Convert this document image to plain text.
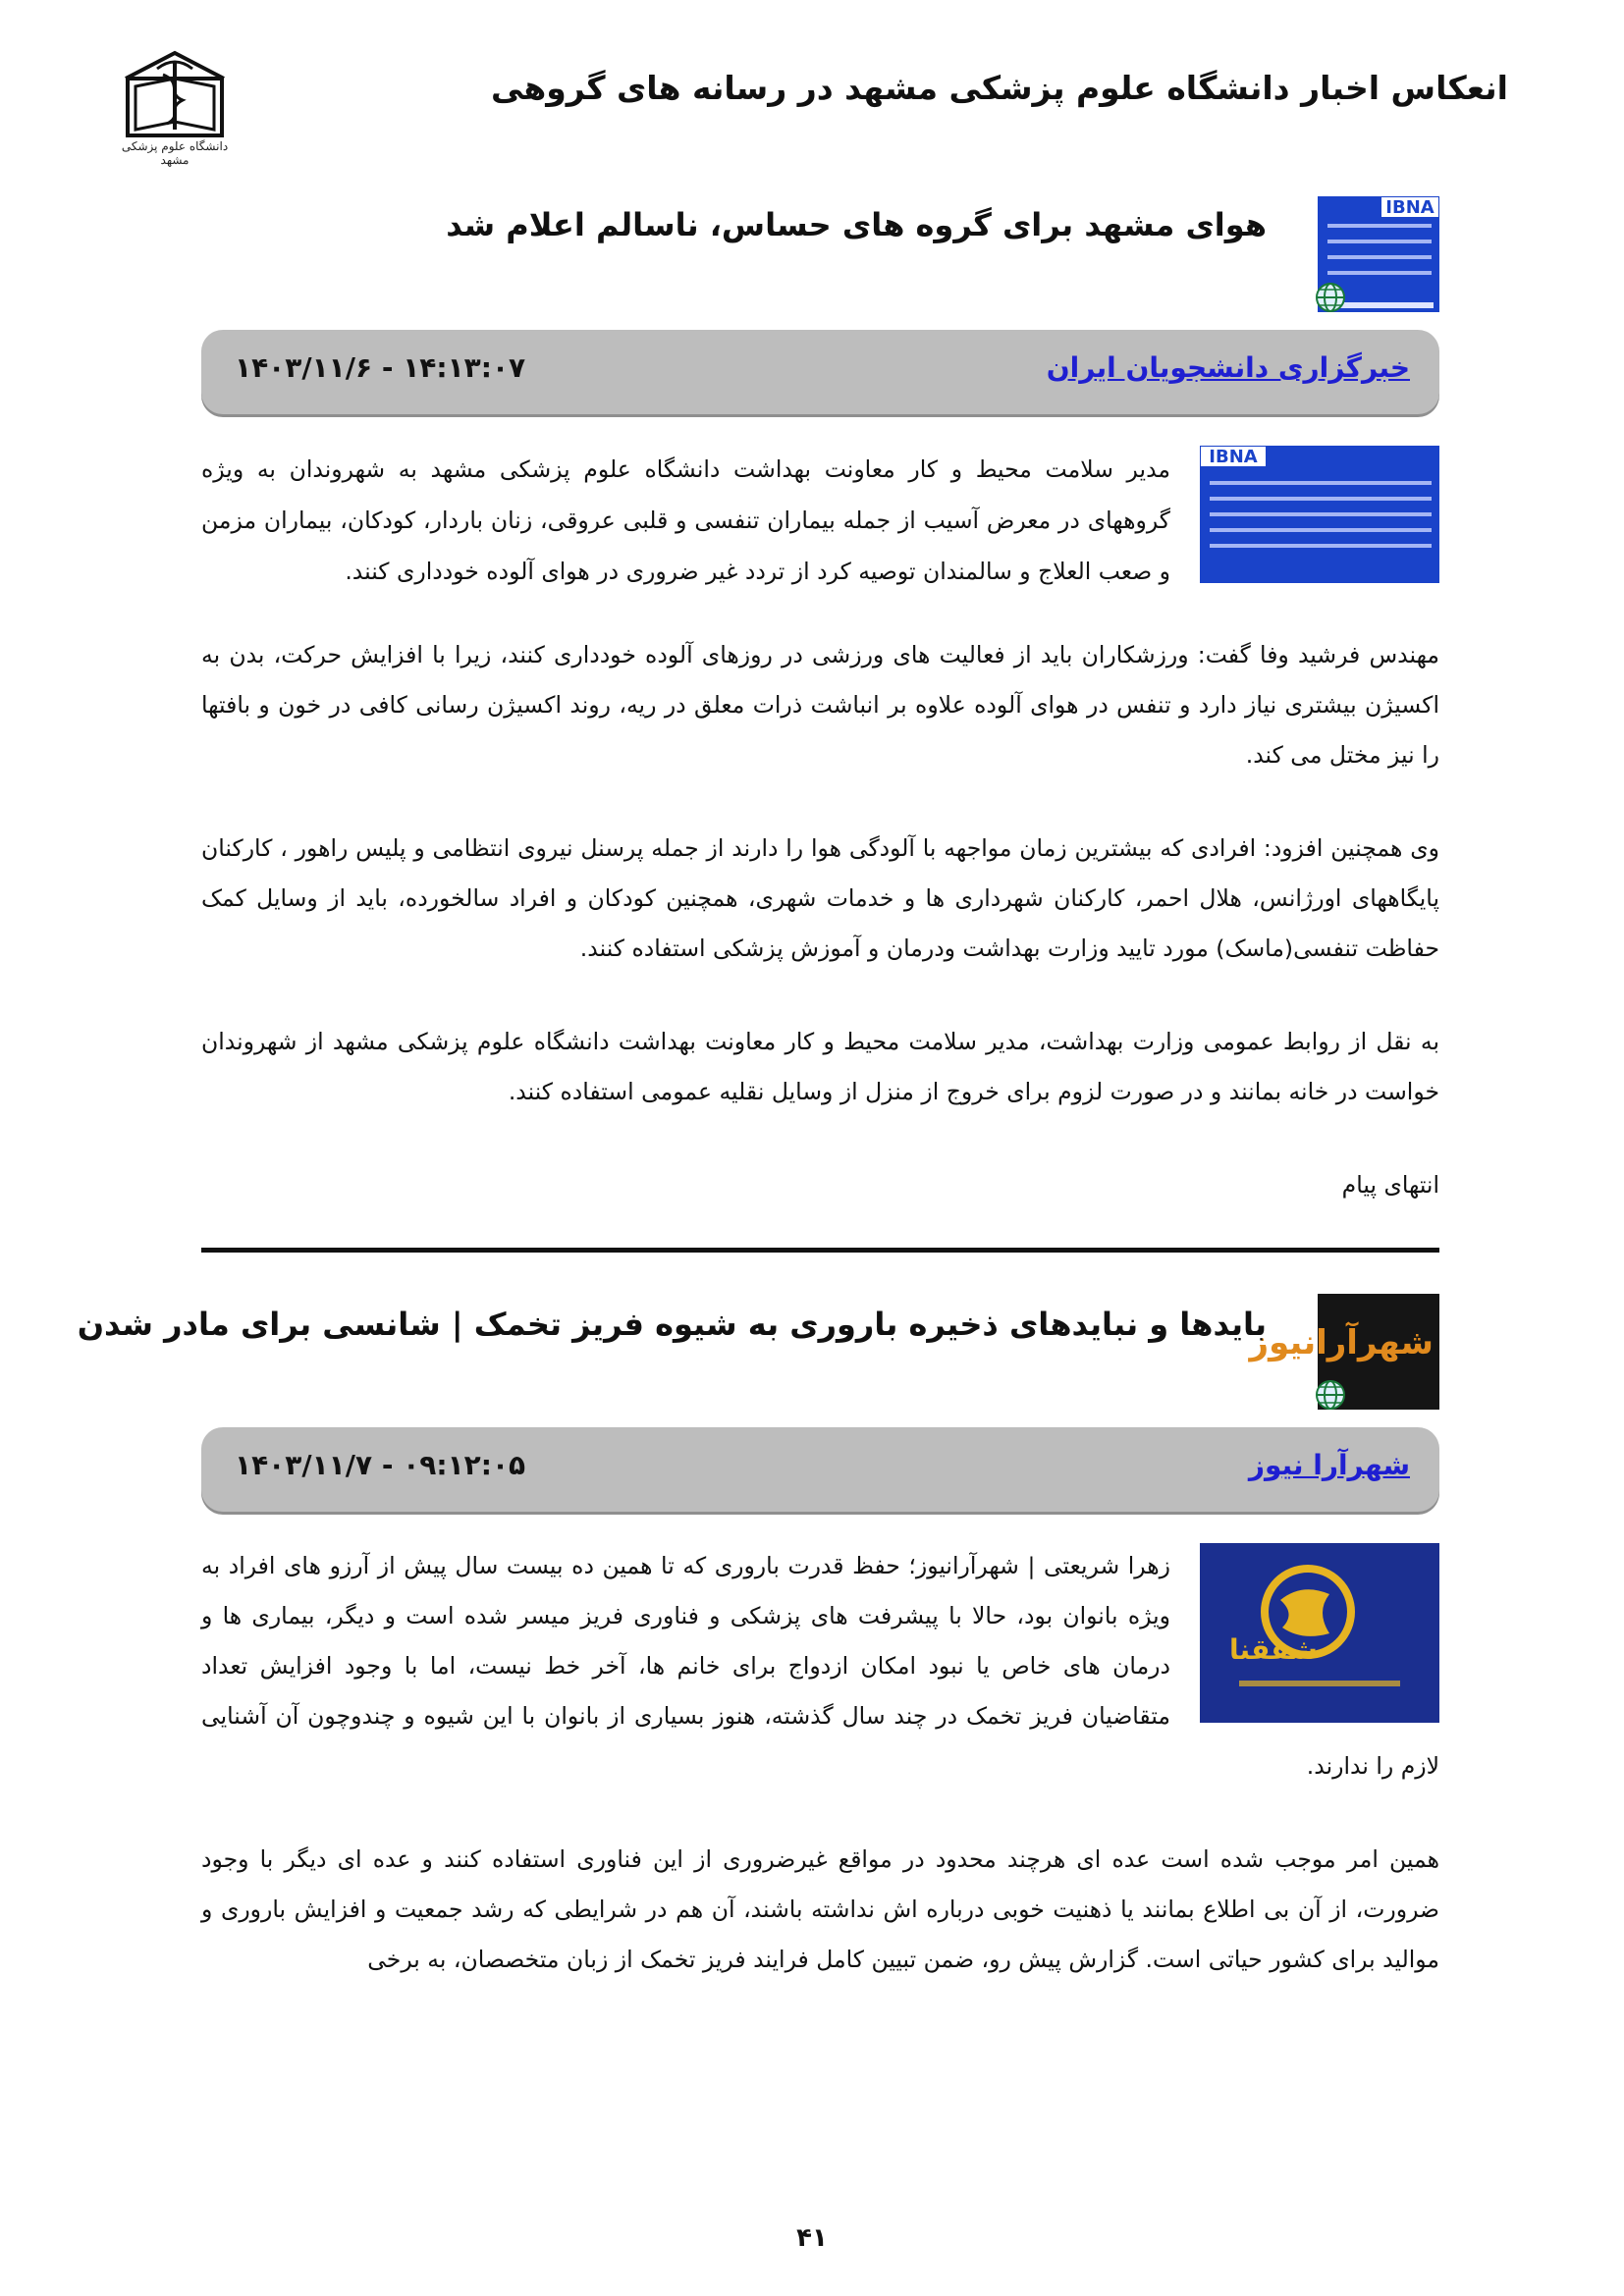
انعکاس اخبار دانشگاه علوم پزشکی مشهد در رسانه های گروهی
دانشگاه علوم پزشکی مشهد
IBNA
هوای مشهد برای گروه های حساس، ناسالم اعلام شد
خبرگزاری دانشجویان ایران
۱۴۰۳/۱۱/۶ - ۱۴:۱۳:۰۷
IBNA

مدیر سلامت محیط و کار معاونت بهداشت دانشگاه علوم پزشکی مشهد به شهروندان به ویژه گروههای در معرض آسیب از جمله بیماران تنفسی و قلبی عروقی، زنان باردار، کودکان، بیماران مزمن و صعب العلاج و سالمندان توصیه کرد از تردد غیر ضروری در هوای آلوده خودداری کنند.

مهندس فرشید وفا گفت: ورزشکاران باید از فعالیت های ورزشی در روزهای آلوده خودداری کنند، زیرا با افزایش حرکت، بدن به اکسیژن بیشتری نیاز دارد و تنفس در هوای آلوده علاوه بر انباشت ذرات معلق در ریه، روند اکسیژن رسانی کافی در خون و بافتها را نیز مختل می کند.

وی همچنین افزود: افرادی که بیشترین زمان مواجهه با آلودگی هوا را دارند از جمله پرسنل نیروی انتظامی و پلیس راهور ، کارکنان پایگاههای اورژانس، هلال احمر، کارکنان شهرداری ها و خدمات شهری، همچنین کودکان و افراد سالخورده، باید از وسایل کمک حفاظت تنفسی(ماسک) مورد تایید وزارت بهداشت ودرمان و آموزش پزشکی استفاده کنند.

به نقل از روابط عمومی وزارت بهداشت، مدیر سلامت محیط و کار معاونت بهداشت دانشگاه علوم پزشکی مشهد از شهروندان خواست در خانه بمانند و در صورت لزوم برای خروج از منزل از وسایل نقلیه عمومی استفاده کنند.

انتهای پیام

شهرآرانیوز
بایدها و نبایدهای ذخیره باروری به شیوه فریز تخمک | شانسی برای مادر شدن
شهرآرا نیوز
۱۴۰۳/۱۱/۷ - ۰۹:۱۲:۰۵
شفقنا

زهرا شریعتی | شهرآرانیوز؛ حفظ قدرت باروری که تا همین ده بیست سال پیش از آرزو های افراد به ویژه بانوان بود، حالا با پیشرفت های پزشکی و فناوری فریز میسر شده است و دیگر، بیماری ها و درمان های خاص یا نبود امکان ازدواج برای خانم ها، آخر خط نیست، اما با وجود افزایش تعداد متقاضیان فریز تخمک در چند سال گذشته، هنوز بسیاری از بانوان با این شیوه و چندوچون آن آشنایی لازم را ندارند.

همین امر موجب شده است عده ای هرچند محدود در مواقع غیرضروری از این فناوری استفاده کنند و عده ای دیگر با وجود ضرورت، از آن بی اطلاع بمانند یا ذهنیت خوبی درباره اش نداشته باشند، آن هم در شرایطی که رشد جمعیت و افزایش باروری و موالید برای کشور حیاتی است. گزارش پیش رو، ضمن تبیین کامل فرایند فریز تخمک از زبان متخصصان، به برخی

۴۱
